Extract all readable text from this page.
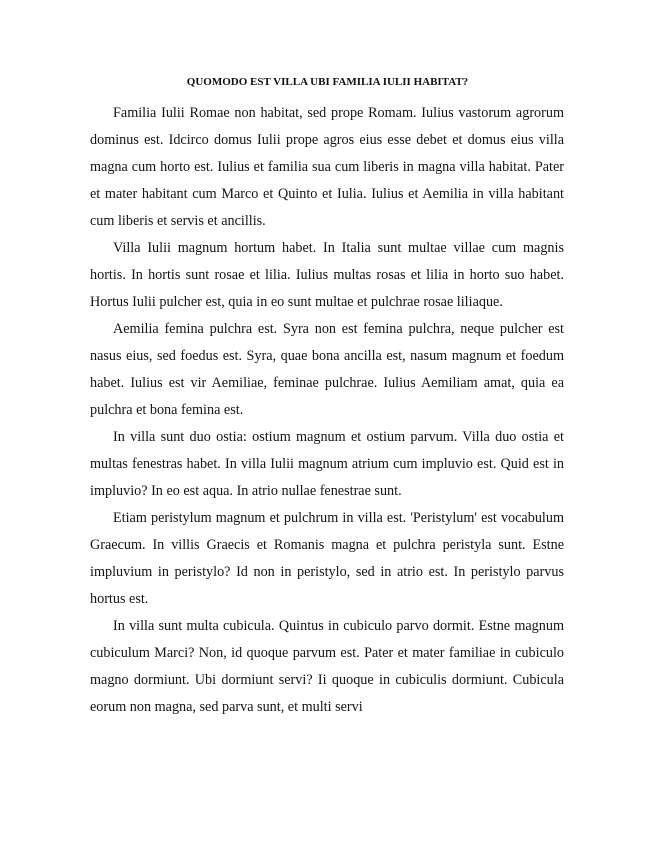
QUOMODO EST VILLA UBI FAMILIA IULII HABITAT?

Familia Iulii Romae non habitat, sed prope Romam. Iulius vastorum agrorum dominus est. Idcirco domus Iulii prope agros eius esse debet et domus eius villa magna cum horto est. Iulius et familia sua cum liberis in magna villa habitat. Pater et mater habitant cum Marco et Quinto et Iulia. Iulius et Aemilia in villa habitant cum liberis et servis et ancillis.

Villa Iulii magnum hortum habet. In Italia sunt multae villae cum magnis hortis. In hortis sunt rosae et lilia. Iulius multas rosas et lilia in horto suo habet. Hortus Iulii pulcher est, quia in eo sunt multae et pulchrae rosae liliaque.

Aemilia femina pulchra est. Syra non est femina pulchra, neque pulcher est nasus eius, sed foedus est. Syra, quae bona ancilla est, nasum magnum et foedum habet. Iulius est vir Aemiliae, feminae pulchrae. Iulius Aemiliam amat, quia ea pulchra et bona femina est.

In villa sunt duo ostia: ostium magnum et ostium parvum. Villa duo ostia et multas fenestras habet. In villa Iulii magnum atrium cum impluvio est. Quid est in impluvio? In eo est aqua. In atrio nullae fenestrae sunt.

Etiam peristylum magnum et pulchrum in villa est. 'Peristylum' est vocabulum Graecum. In villis Graecis et Romanis magna et pulchra peristyla sunt. Estne impluvium in peristylo? Id non in peristylo, sed in atrio est. In peristylo parvus hortus est.

In villa sunt multa cubicula. Quintus in cubiculo parvo dormit. Estne magnum cubiculum Marci? Non, id quoque parvum est. Pater et mater familiae in cubiculo magno dormiunt. Ubi dormiunt servi? Ii quoque in cubiculis dormiunt. Cubicula eorum non magna, sed parva sunt, et multi servi
